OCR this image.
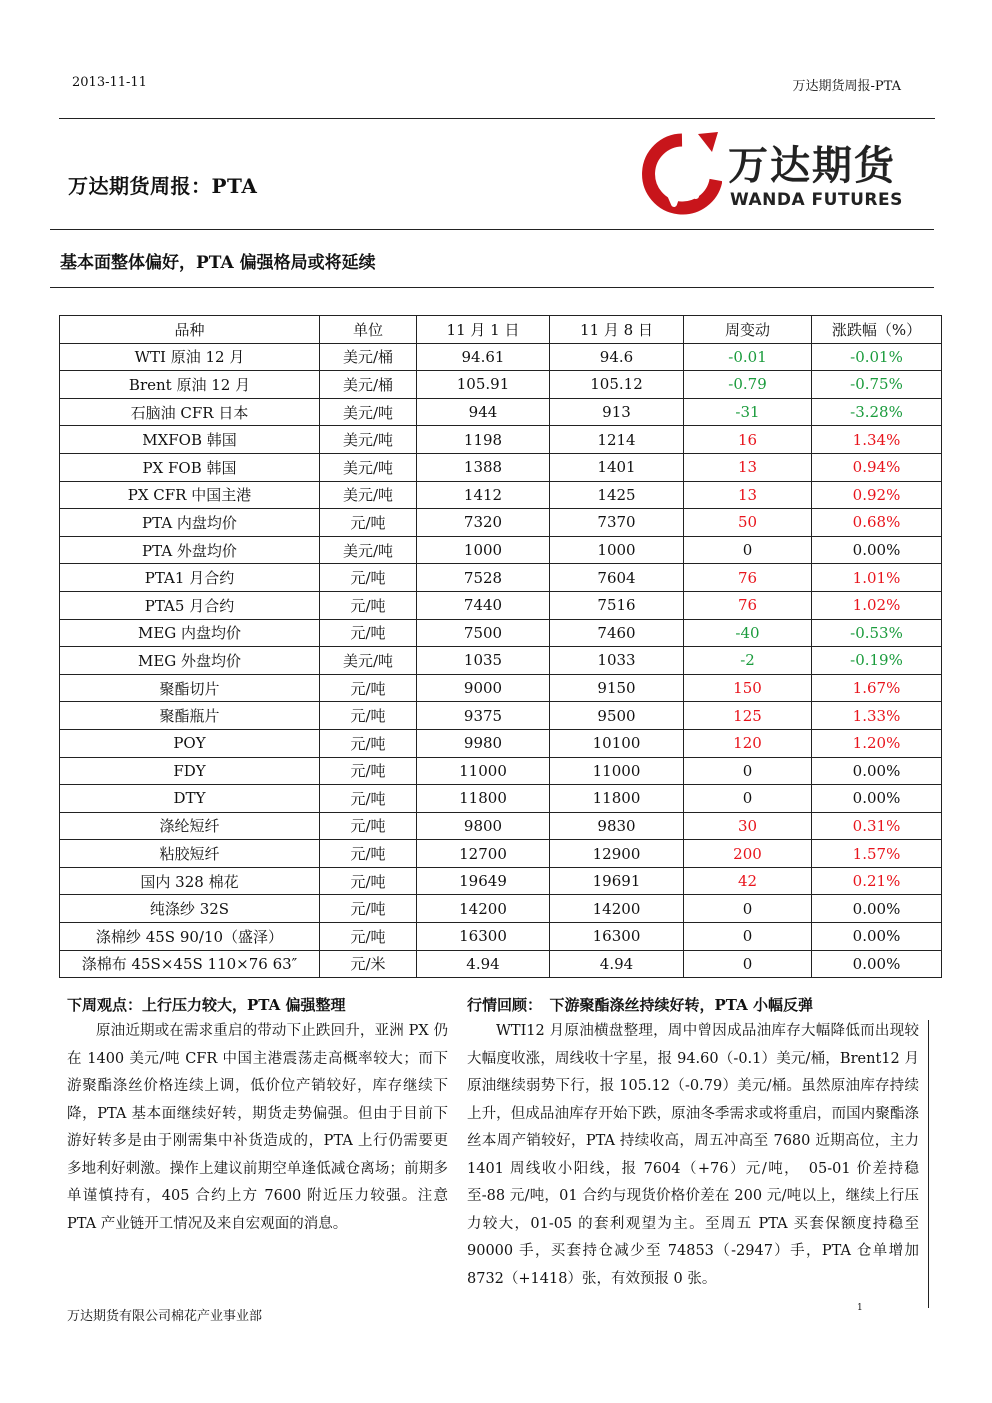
2013-11-11	万达期货周报-PTA
万达期货周报：PTA	万达期货
WANDA FUTURES
基本面整体偏好，PTA 偏强格局或将延续
品种	单位	11 月 1 日	11 月 8 日	周变动	涨跌幅（%）
WTI 原油 12 月	美元/桶	94.61	94.6	-0.01	-0.01%
Brent 原油 12 月	美元/桶	105.91	105.12	-0.79	-0.75%
石脑油 CFR 日本	美元/吨	944	913	-31	-3.28%
MXFOB 韩国	美元/吨	1198	1214	16	1.34%
PX FOB 韩国	美元/吨	1388	1401	13	0.94%
PX CFR 中国主港	美元/吨	1412	1425	13	0.92%
PTA 内盘均价	元/吨	7320	7370	50	0.68%
PTA 外盘均价	美元/吨	1000	1000	0	0.00%
PTA1 月合约	元/吨	7528	7604	76	1.01%
PTA5 月合约	元/吨	7440	7516	76	1.02%
MEG 内盘均价	元/吨	7500	7460	-40	-0.53%
MEG 外盘均价	美元/吨	1035	1033	-2	-0.19%
聚酯切片	元/吨	9000	9150	150	1.67%
聚酯瓶片	元/吨	9375	9500	125	1.33%
POY	元/吨	9980	10100	120	1.20%
FDY	元/吨	11000	11000	0	0.00%
DTY	元/吨	11800	11800	0	0.00%
涤纶短纤	元/吨	9800	9830	30	0.31%
粘胶短纤	元/吨	12700	12900	200	1.57%
国内 328 棉花	元/吨	19649	19691	42	0.21%
纯涤纱 32S	元/吨	14200	14200	0	0.00%
涤棉纱 45S 90/10（盛泽）	元/吨	16300	16300	0	0.00%
涤棉布 45S×45S 110×76 63″	元/米	4.94	4.94	0	0.00%
下周观点：上行压力较大，PTA 偏强整理

原油近期或在需求重启的带动下止跌回升，亚洲 PX 仍在 1400 美元/吨 CFR 中国主港震荡走高概率较大；而下游聚酯涤丝价格连续上调，低价位产销较好，库存继续下降，PTA 基本面继续好转，期货走势偏强。但由于目前下游好转多是由于刚需集中补货造成的，PTA 上行仍需要更多地利好刺激。操作上建议前期空单逢低减仓离场；前期多单谨慎持有，405 合约上方 7600 附近压力较强。注意 PTA 产业链开工情况及来自宏观面的消息。

行情回顾：　下游聚酯涤丝持续好转，PTA 小幅反弹

WTI12 月原油横盘整理，周中曾因成品油库存大幅降低而出现较大幅度收涨，周线收十字星，报 94.60（-0.1）美元/桶，Brent12 月原油继续弱势下行，报 105.12（-0.79）美元/桶。虽然原油库存持续上升，但成品油库存开始下跌，原油冬季需求或将重启，而国内聚酯涤丝本周产销较好，PTA 持续收高，周五冲高至 7680 近期高位，主力 1401 周线收小阳线，报 7604（+76）元/吨，　05-01 价差持稳至-88 元/吨，01 合约与现货价格价差在 200 元/吨以上，继续上行压力较大，01-05 的套利观望为主。至周五 PTA 买套保额度持稳至 90000 手，买套持仓减少至 74853（-2947）手，PTA 仓单增加 8732（+1418）张，有效预报 0 张。

万达期货有限公司棉花产业事业部
1
